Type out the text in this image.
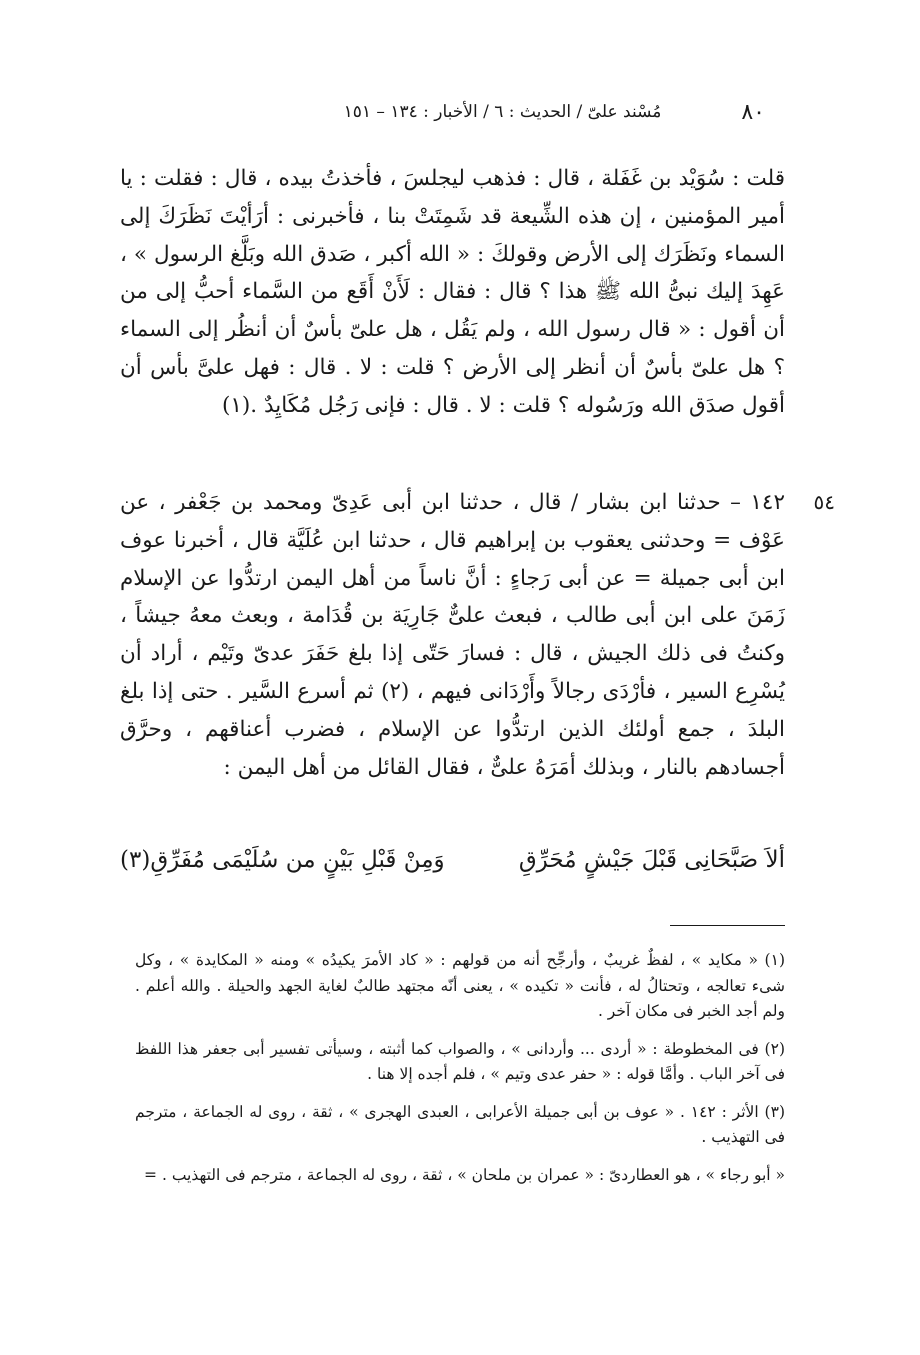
٨٠
مُسْند علىّ / الحديث : ٦ / الأخبار : ١٣٤ – ١٥١

قلت : سُوَيْد بن غَفَلة ، قال : فذهب ليجلسَ ، فأخذتُ بيده ، قال : فقلت : يا أمير المؤمنين ، إن هذه الشِّيعة قد شَمِتَتْ بنا ، فأخبرنى : أرَأيْتَ نَظَرَكَ إلى السماء ونَظَرَك إلى الأرض وقولكَ : « الله أكبر ، صَدق الله وبَلَّغ الرسول » ، عَهِدَ إليك نبىُّ الله ﷺ هذا ؟ قال : فقال : لَأَنْ أَقَع من السَّماء أحبُّ إلى من أن أقول : « قال رسول الله ، ولم يَقُل ، هل علىّ بأسٌ أن أنظُر إلى السماء ؟ هل علىّ بأسٌ أن أنظر إلى الأرض ؟ قلت : لا . قال : فهل علىَّ بأس أن أقول صدَق الله ورَسُوله ؟ قلت : لا . قال : فإنى رَجُل مُكَايِدٌ .(١)

٥٤

١٤٢ – حدثنا ابن بشار / قال ، حدثنا ابن أبى عَدِىّ ومحمد بن جَعْفر ، عن عَوْف = وحدثنى يعقوب بن إبراهيم قال ، حدثنا ابن عُلَيَّة قال ، أخبرنا عوف ابن أبى جميلة = عن أبى رَجاءٍ : أنَّ ناساً من أهل اليمن ارتدُّوا عن الإسلام زَمَنَ على ابن أبى طالب ، فبعث علىٌّ جَارِيَة بن قُدَامة ، وبعث معهُ جيشاً ، وكنتُ فى ذلك الجيش ، قال : فسارَ حَتّى إذا بلغ حَفَرَ عدىّ وتَيْم ، أراد أن يُسْرِع السير ، فأرْدَى رجالاً وأَرْدَانى فيهم ، (٢) ثم أسرع السَّير . حتى إذا بلغ البلدَ ، جمع أولئك الذين ارتدُّوا عن الإسلام ، فضرب أعناقهم ، وحرَّق أجسادهم بالنار ، وبذلك أمَرَهُ علىٌّ ، فقال القائل من أهل اليمن :

ألاَ صَبَّحَانِى قَبْلَ جَيْشٍ مُحَرِّقِ
وَمِنْ قَبْلِ بَيْنٍ من سُلَيْمَى مُفَرِّقِ(٣)

(١) « مكايد » ، لفظٌ غريبٌ ، وأرجِّح أنه من قولهم : « كاد الأمرَ يكيدُه » ومنه « المكايدة » ، وكل شىء تعالجه ، وتحتالُ له ، فأنت « تكيده » ، يعنى أنّه مجتهد طالبٌ لغاية الجهد والحيلة . والله أعلم . ولم أجد الخبر فى مكان آخر .

(٢) فى المخطوطة : « أردى ... وأردانى » ، والصواب كما أثبته ، وسيأتى تفسير أبى جعفر هذا اللفظ فى آخر الباب . وأمَّا قوله : « حفر عدى وتيم » ، فلم أجده إلا هنا .

(٣) الأثر : ١٤٢ . « عوف بن أبى جميلة الأعرابى ، العبدى الهجرى » ، ثقة ، روى له الجماعة ، مترجم فى التهذيب .

« أبو رجاء » ، هو العطاردىّ : « عمران بن ملحان » ، ثقة ، روى له الجماعة ، مترجم فى التهذيب . =
